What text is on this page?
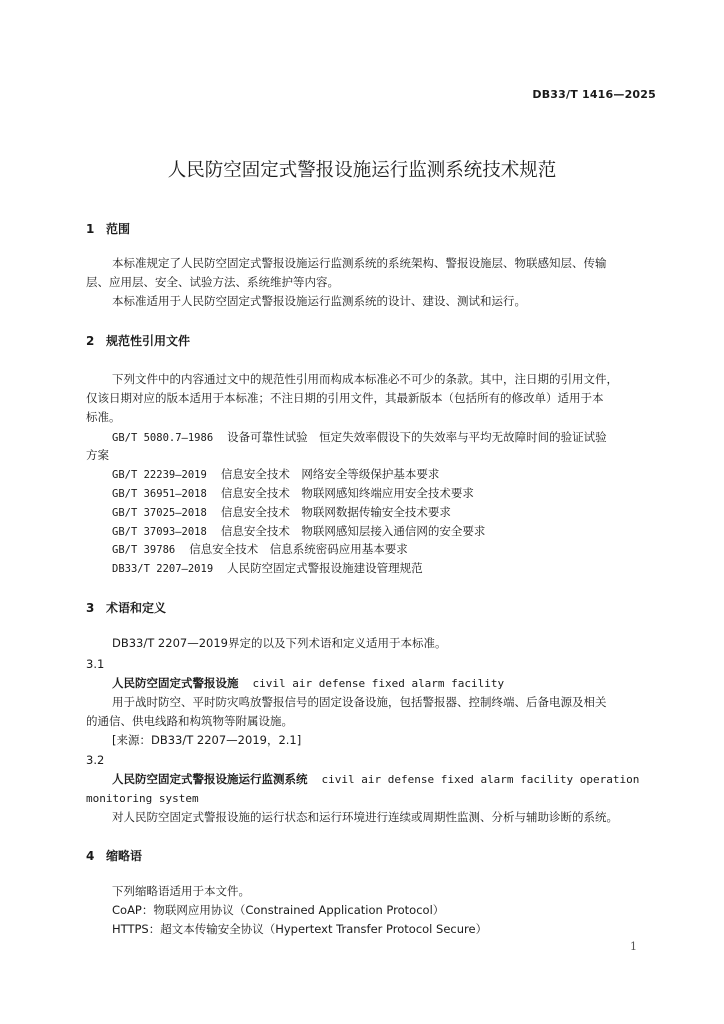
DB33/T 1416—2025
人民防空固定式警报设施运行监测系统技术规范
1 范围
本标准规定了人民防空固定式警报设施运行监测系统的系统架构、警报设施层、物联感知层、传输
层、应用层、安全、试验方法、系统维护等内容。
本标准适用于人民防空固定式警报设施运行监测系统的设计、建设、测试和运行。
2 规范性引用文件
下列文件中的内容通过文中的规范性引用而构成本标准必不可少的条款。其中，注日期的引用文件，
仅该日期对应的版本适用于本标准；不注日期的引用文件，其最新版本（包括所有的修改单）适用于本
标准。
GB/T 5080.7—1986 设备可靠性试验　恒定失效率假设下的失效率与平均无故障时间的验证试验
方案
GB/T 22239—2019 信息安全技术　网络安全等级保护基本要求
GB/T 36951—2018 信息安全技术　物联网感知终端应用安全技术要求
GB/T 37025—2018 信息安全技术　物联网数据传输安全技术要求
GB/T 37093—2018 信息安全技术　物联网感知层接入通信网的安全要求
GB/T 39786 信息安全技术　信息系统密码应用基本要求
DB33/T 2207—2019 人民防空固定式警报设施建设管理规范
3 术语和定义
DB33/T 2207—2019界定的以及下列术语和定义适用于本标准。
3.1
人民防空固定式警报设施 civil air defense fixed alarm facility
用于战时防空、平时防灾鸣放警报信号的固定设备设施，包括警报器、控制终端、后备电源及相关
的通信、供电线路和构筑物等附属设施。
[来源：DB33/T 2207—2019，2.1]
3.2
人民防空固定式警报设施运行监测系统 civil air defense fixed alarm facility operation
monitoring system
对人民防空固定式警报设施的运行状态和运行环境进行连续或周期性监测、分析与辅助诊断的系统。
4 缩略语
下列缩略语适用于本文件。
CoAP：物联网应用协议（Constrained Application Protocol）
HTTPS：超文本传输安全协议（Hypertext Transfer Protocol Secure）
1
